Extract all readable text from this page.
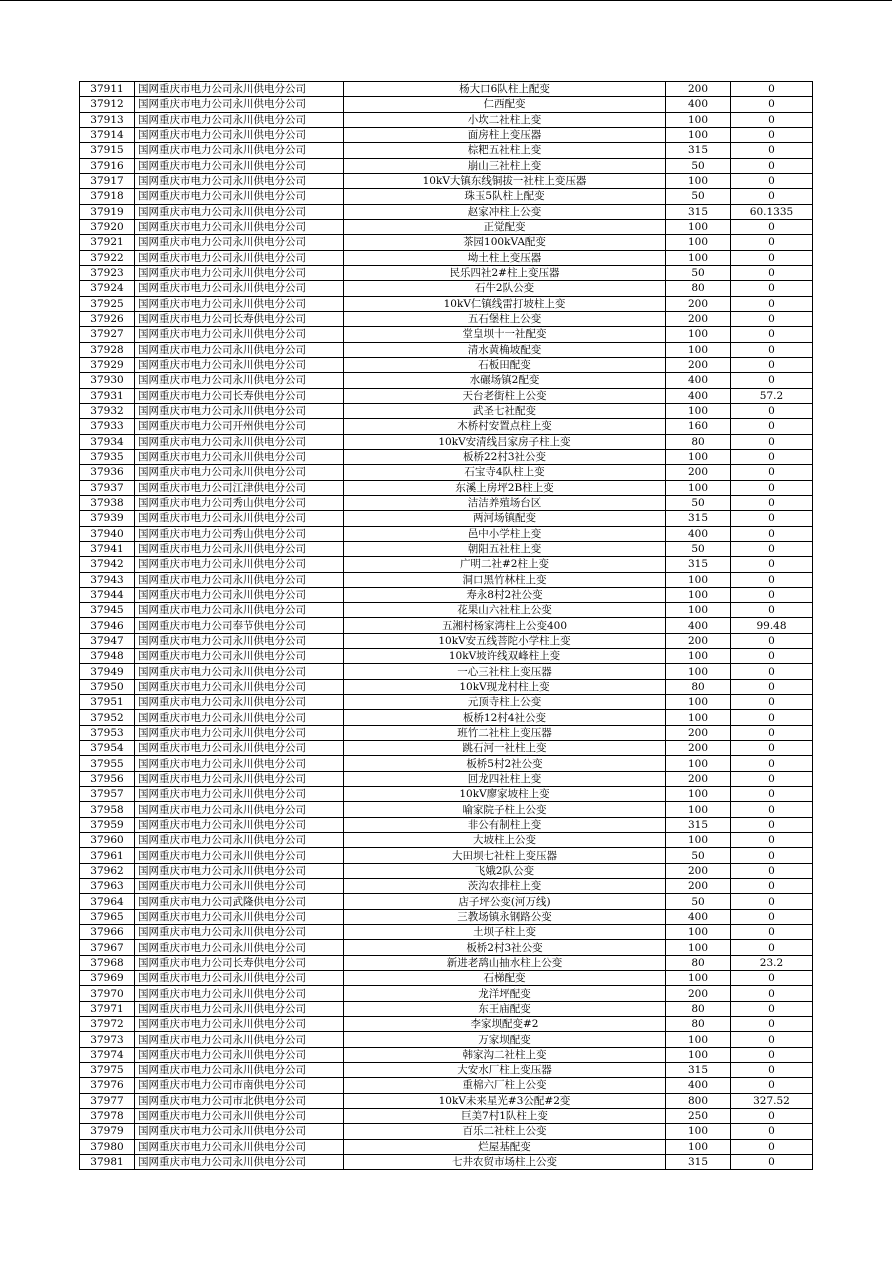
37911	国网重庆市电力公司永川供电分公司	杨大口6队柱上配变	200	0
37912	国网重庆市电力公司永川供电分公司	仁西配变	400	0
37913	国网重庆市电力公司永川供电分公司	小坎二社柱上变	100	0
37914	国网重庆市电力公司永川供电分公司	面房柱上变压器	100	0
37915	国网重庆市电力公司永川供电分公司	棕粑五社柱上变	315	0
37916	国网重庆市电力公司永川供电分公司	崩山三社柱上变	50	0
37917	国网重庆市电力公司永川供电分公司	10kV大镇东线铜拔一社柱上变压器	100	0
37918	国网重庆市电力公司永川供电分公司	珠玉5队柱上配变	50	0
37919	国网重庆市电力公司永川供电分公司	赵家冲柱上公变	315	60.1335
37920	国网重庆市电力公司永川供电分公司	正觉配变	100	0
37921	国网重庆市电力公司永川供电分公司	茶园100kVA配变	100	0
37922	国网重庆市电力公司永川供电分公司	坳土柱上变压器	100	0
37923	国网重庆市电力公司永川供电分公司	民乐四社2#柱上变压器	50	0
37924	国网重庆市电力公司永川供电分公司	石牛2队公变	80	0
37925	国网重庆市电力公司永川供电分公司	10kV仁镇线雷打坡柱上变	200	0
37926	国网重庆市电力公司长寿供电分公司	五石堡柱上公变	200	0
37927	国网重庆市电力公司永川供电分公司	堂皇坝十一社配变	100	0
37928	国网重庆市电力公司永川供电分公司	清水黄桷坡配变	100	0
37929	国网重庆市电力公司永川供电分公司	石板田配变	200	0
37930	国网重庆市电力公司永川供电分公司	水碾场镇2配变	400	0
37931	国网重庆市电力公司长寿供电分公司	天台老街柱上公变	400	57.2
37932	国网重庆市电力公司永川供电分公司	武圣七社配变	100	0
37933	国网重庆市电力公司开州供电分公司	木桥村安置点柱上变	160	0
37934	国网重庆市电力公司永川供电分公司	10kV安清线吕家房子柱上变	80	0
37935	国网重庆市电力公司永川供电分公司	板桥22村3社公变	100	0
37936	国网重庆市电力公司永川供电分公司	石宝寺4队柱上变	200	0
37937	国网重庆市电力公司江津供电分公司	东溪上房坪2B柱上变	100	0
37938	国网重庆市电力公司秀山供电分公司	洁洁养殖场台区	50	0
37939	国网重庆市电力公司永川供电分公司	两河场镇配变	315	0
37940	国网重庆市电力公司秀山供电分公司	邑中小学柱上变	400	0
37941	国网重庆市电力公司永川供电分公司	朝阳五社柱上变	50	0
37942	国网重庆市电力公司永川供电分公司	广明二社#2柱上变	315	0
37943	国网重庆市电力公司永川供电分公司	洞口黑竹林柱上变	100	0
37944	国网重庆市电力公司永川供电分公司	寿永8村2社公变	100	0
37945	国网重庆市电力公司永川供电分公司	花果山六社柱上公变	100	0
37946	国网重庆市电力公司奉节供电分公司	五湘村杨家湾柱上公变400	400	99.48
37947	国网重庆市电力公司永川供电分公司	10kV安五线菩陀小学柱上变	200	0
37948	国网重庆市电力公司永川供电分公司	10kV坡许线双峰柱上变	100	0
37949	国网重庆市电力公司永川供电分公司	一心三社柱上变压器	100	0
37950	国网重庆市电力公司永川供电分公司	10kV现龙村柱上变	80	0
37951	国网重庆市电力公司永川供电分公司	元顶寺柱上公变	100	0
37952	国网重庆市电力公司永川供电分公司	板桥12村4社公变	100	0
37953	国网重庆市电力公司永川供电分公司	班竹二社柱上变压器	200	0
37954	国网重庆市电力公司永川供电分公司	跳石河一社柱上变	200	0
37955	国网重庆市电力公司永川供电分公司	板桥5村2社公变	100	0
37956	国网重庆市电力公司永川供电分公司	回龙四社柱上变	200	0
37957	国网重庆市电力公司永川供电分公司	10kV廖家坡柱上变	100	0
37958	国网重庆市电力公司永川供电分公司	喻家院子柱上公变	100	0
37959	国网重庆市电力公司永川供电分公司	非公有制柱上变	315	0
37960	国网重庆市电力公司永川供电分公司	大坡柱上公变	100	0
37961	国网重庆市电力公司永川供电分公司	大田坝七社柱上变压器	50	0
37962	国网重庆市电力公司永川供电分公司	飞娥2队公变	200	0
37963	国网重庆市电力公司永川供电分公司	茨沟农排柱上变	200	0
37964	国网重庆市电力公司武隆供电分公司	店子坪公变(河万线)	50	0
37965	国网重庆市电力公司永川供电分公司	三教场镇永钢路公变	400	0
37966	国网重庆市电力公司永川供电分公司	土坝子柱上变	100	0
37967	国网重庆市电力公司永川供电分公司	板桥2村3社公变	100	0
37968	国网重庆市电力公司长寿供电分公司	新进老鸹山抽水柱上公变	80	23.2
37969	国网重庆市电力公司永川供电分公司	石梯配变	100	0
37970	国网重庆市电力公司永川供电分公司	龙洋坪配变	200	0
37971	国网重庆市电力公司永川供电分公司	东王庙配变	80	0
37972	国网重庆市电力公司永川供电分公司	李家坝配变#2	80	0
37973	国网重庆市电力公司永川供电分公司	万家坝配变	100	0
37974	国网重庆市电力公司永川供电分公司	韩家沟二社柱上变	100	0
37975	国网重庆市电力公司永川供电分公司	大安水厂柱上变压器	315	0
37976	国网重庆市电力公司市南供电分公司	重棉六厂柱上公变	400	0
37977	国网重庆市电力公司市北供电分公司	10kV未来星光#3公配#2变	800	327.52
37978	国网重庆市电力公司永川供电分公司	巨美7村1队柱上变	250	0
37979	国网重庆市电力公司永川供电分公司	百乐二社柱上公变	100	0
37980	国网重庆市电力公司永川供电分公司	烂屋基配变	100	0
37981	国网重庆市电力公司永川供电分公司	七井农贸市场柱上公变	315	0
